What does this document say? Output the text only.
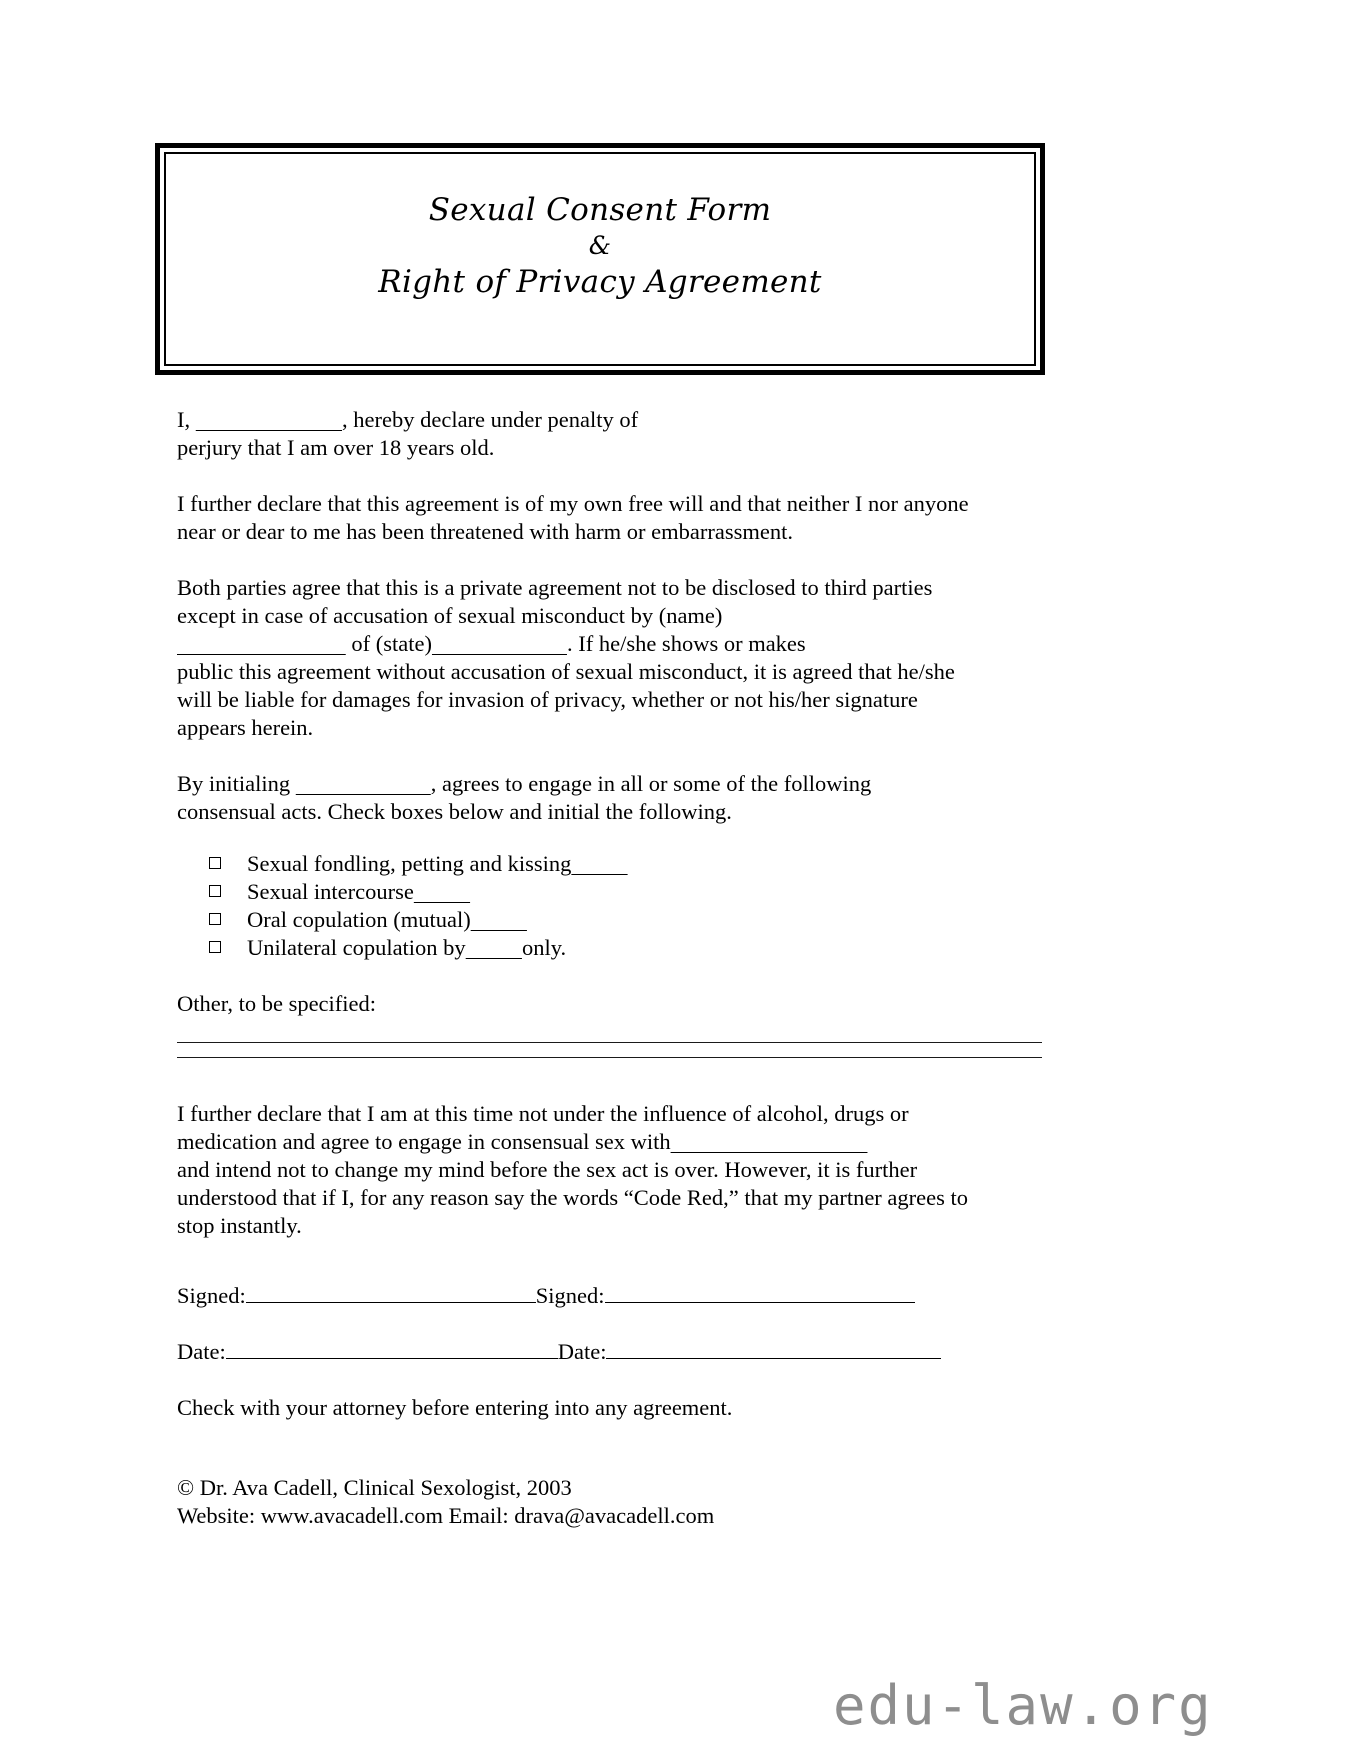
Sexual Consent Form
&
Right of Privacy Agreement

I,	, hereby declare under penalty of

perjury that I am over 18 years old.

I further declare that this agreement is of my own free will and that neither I nor anyone

near or dear to me has been threatened with harm or embarrassment.

Both parties agree that this is a private agreement not to be disclosed to third parties

except in case of accusation of sexual misconduct by (name)

of (state)	. If he/she shows or makes

public this agreement without accusation of sexual misconduct, it is agreed that he/she

will be liable for damages for invasion of privacy, whether or not his/her signature

appears herein.

By initialing	, agrees to engage in all or some of the following

consensual acts. Check boxes below and initial the following.

Sexual fondling, petting and kissing

Sexual intercourse

Oral copulation (mutual)

Unilateral copulation by
	only.

Other, to be specified:

I further declare that I am at this time not under the influence of alcohol, drugs or

medication and agree to engage in consensual sex with

and intend not to change my mind before the sex act is over. However, it is further

understood that if I, for any reason say the words “Code Red,” that my partner agrees to

stop instantly.

Signed:	Signed:
Date:	Date:

Check with your attorney before entering into any agreement.

© Dr. Ava Cadell, Clinical Sexologist, 2003

Website: www.avacadell.com Email: drava@avacadell.com

edu-law.org
